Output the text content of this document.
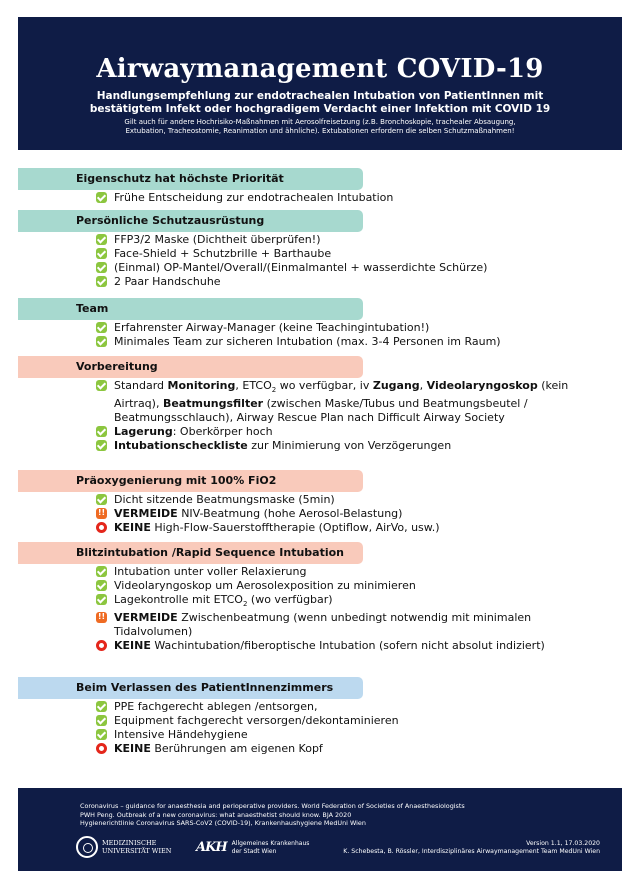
Airwaymanagement COVID-19
Handlungsempfehlung zur endotrachealen Intubation von PatientInnen mit
bestätigtem Infekt oder hochgradigem Verdacht einer Infektion mit COVID 19
Gilt auch für andere Hochrisiko-Maßnahmen mit Aerosolfreisetzung (z.B. Bronchoskopie, trachealer Absaugung,
Extubation, Tracheostomie, Reanimation und ähnliche). Extubationen erfordern die selben Schutzmaßnahmen!
Eigenschutz hat höchste Priorität
Frühe Entscheidung zur endotrachealen Intubation
Persönliche Schutzausrüstung
FFP3/2 Maske (Dichtheit überprüfen!)
Face-Shield + Schutzbrille + Barthaube
(Einmal) OP-Mantel/Overall/(Einmalmantel + wasserdichte Schürze)
2 Paar Handschuhe
Team
Erfahrenster Airway-Manager (keine Teachingintubation!)
Minimales Team zur sicheren Intubation (max. 3-4 Personen im Raum)
Vorbereitung
Standard Monitoring, $ETCO_2$ wo verfügbar, iv Zugang, Videolaryngoskop (kein Airtraq), Beatmungsfilter (zwischen Maske/Tubus und Beatmungsbeutel / Beatmungsschlauch), Airway Rescue Plan nach Difficult Airway Society
Lagerung: Oberkörper hoch
Intubationscheckliste zur Minimierung von Verzögerungen
Präoxygenierung mit 100% FiO2
Dicht sitzende Beatmungsmaske (5min)
!!
VERMEIDE NIV-Beatmung (hohe Aerosol-Belastung)
KEINE High-Flow-Sauerstofftherapie (Optiflow, AirVo, usw.)
Blitzintubation /Rapid Sequence Intubation
Intubation unter voller Relaxierung
Videolaryngoskop um Aerosolexposition zu minimieren
Lagekontrolle mit $ETCO_2$ (wo verfügbar)
!!
VERMEIDE Zwischenbeatmung (wenn unbedingt notwendig mit minimalen Tidalvolumen)
KEINE Wachintubation/fiberoptische Intubation (sofern nicht absolut indiziert)
Beim Verlassen des PatientInnenzimmers
PPE fachgerecht ablegen /entsorgen,
Equipment fachgerecht versorgen/dekontaminieren
Intensive Händehygiene
KEINE Berührungen am eigenen Kopf
Coronavirus – guidance for anaesthesia and perioperative providers. World Federation of Societies of Anaesthesiologists
PWH Peng. Outbreak of a new coronavirus: what anaesthetist should know. BJA 2020
Hygienerichtlinie Coronavirus SARS-CoV2 (COVID-19), Krankenhaushygiene MedUni Wien
MEDIZINISCHE
UNIVERSITÄT WIEN AKH Allgemeines Krankenhaus
der Stadt Wien
Version 1.1, 17.03.2020
K. Schebesta, B. Rössler, Interdisziplinäres Airwaymanagement Team MedUni Wien
